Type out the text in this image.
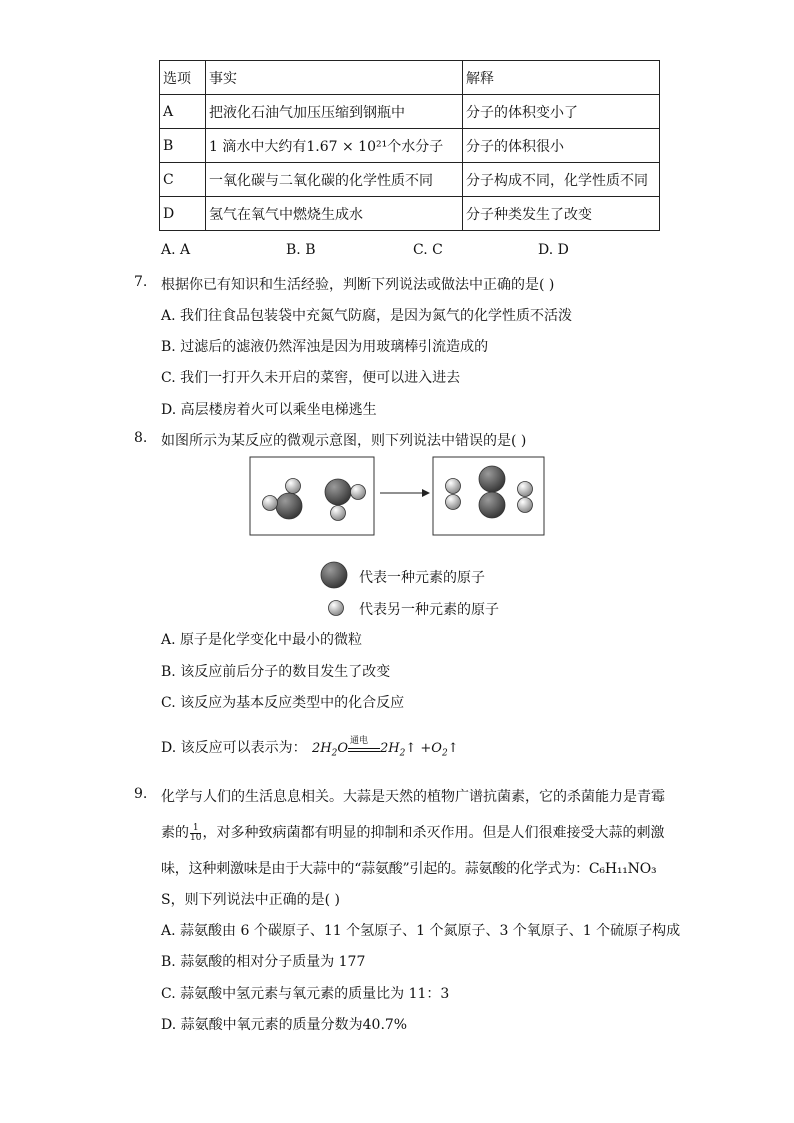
选项	事实	解释
A	把液化石油气加压压缩到钢瓶中	分子的体积变小了
B	1 滴水中大约有1.67 × 10²¹个水分子	分子的体积很小
C	一氧化碳与二氧化碳的化学性质不同	分子构成不同，化学性质不同
D	氢气在氧气中燃烧生成水	分子种类发生了改变
A. A	B. B	C. C	D. D
7. 根据你已有知识和生活经验，判断下列说法或做法中正确的是( )
A. 我们往食品包装袋中充氮气防腐，是因为氮气的化学性质不活泼
B. 过滤后的滤液仍然浑浊是因为用玻璃棒引流造成的
C. 我们一打开久未开启的菜窖，便可以进入进去
D. 高层楼房着火可以乘坐电梯逃生
8. 如图所示为某反应的微观示意图，则下列说法中错误的是( )
代表一种元素的原子
代表另一种元素的原子
A. 原子是化学变化中最小的微粒
B. 该反应前后分子的数目发生了改变
C. 该反应为基本反应类型中的化合反应
D. 该反应可以表示为： $2H_2O$ 通电 $2H_2↑$ $+O_2↑$
9. 化学与人们的生活息息相关。大蒜是天然的植物广谱抗菌素，它的杀菌能力是青霉
素的 $\frac{1}{10}$ ，对多种致病菌都有明显的抑制和杀灭作用。但是人们很难接受大蒜的刺激
味，这种刺激味是由于大蒜中的“蒜氨酸”引起的。蒜氨酸的化学式为：C₆H₁₁NO₃
S，则下列说法中正确的是( )
A. 蒜氨酸由 6 个碳原子、11 个氢原子、1 个氮原子、3 个氧原子、1 个硫原子构成
B. 蒜氨酸的相对分子质量为 177
C. 蒜氨酸中氢元素与氧元素的质量比为 11：3
D. 蒜氨酸中氧元素的质量分数为40.7%
